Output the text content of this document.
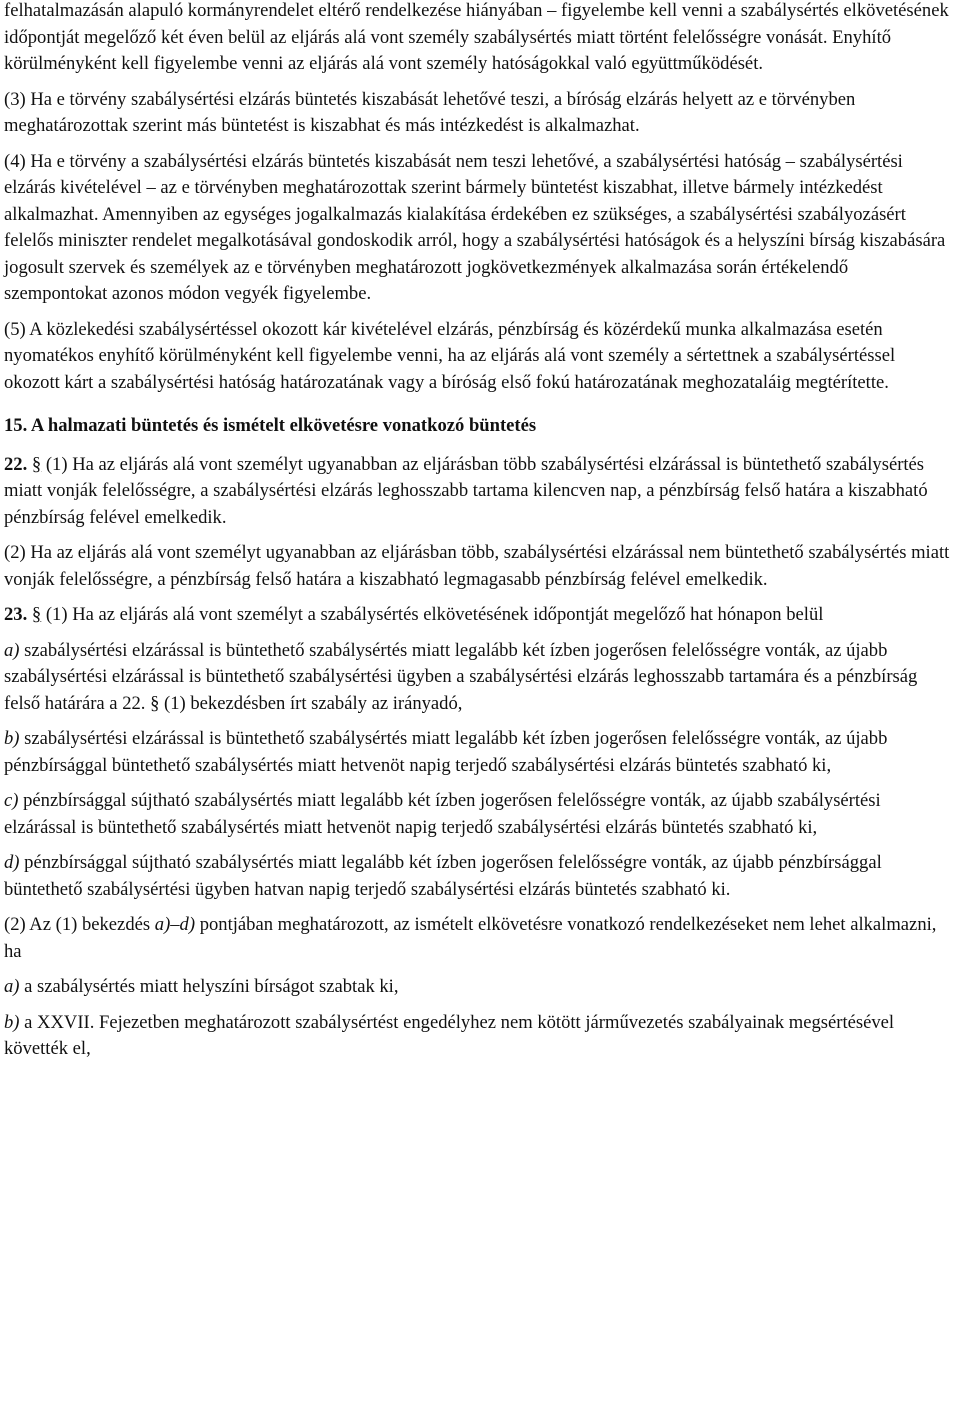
felhatalmazásán alapuló kormányrendelet eltérő rendelkezése hiányában – figyelembe kell venni a szabálysértés elkövetésének időpontját megelőző két éven belül az eljárás alá vont személy szabálysértés miatt történt felelősségre vonását. Enyhítő körülményként kell figyelembe venni az eljárás alá vont személy hatóságokkal való együttműködését.

(3) Ha e törvény szabálysértési elzárás büntetés kiszabását lehetővé teszi, a bíróság elzárás helyett az e törvényben meghatározottak szerint más büntetést is kiszabhat és más intézkedést is alkalmazhat.

(4) Ha e törvény a szabálysértési elzárás büntetés kiszabását nem teszi lehetővé, a szabálysértési hatóság – szabálysértési elzárás kivételével – az e törvényben meghatározottak szerint bármely büntetést kiszabhat, illetve bármely intézkedést alkalmazhat. Amennyiben az egységes jogalkalmazás kialakítása érdekében ez szükséges, a szabálysértési szabályozásért felelős miniszter rendelet megalkotásával gondoskodik arról, hogy a szabálysértési hatóságok és a helyszíni bírság kiszabására jogosult szervek és személyek az e törvényben meghatározott jogkövetkezmények alkalmazása során értékelendő szempontokat azonos módon vegyék figyelembe.

(5) A közlekedési szabálysértéssel okozott kár kivételével elzárás, pénzbírság és közérdekű munka alkalmazása esetén nyomatékos enyhítő körülményként kell figyelembe venni, ha az eljárás alá vont személy a sértettnek a szabálysértéssel okozott kárt a szabálysértési hatóság határozatának vagy a bíróság első fokú határozatának meghozataláig megtérítette.

15. A halmazati büntetés és ismételt elkövetésre vonatkozó büntetés

22. § (1) Ha az eljárás alá vont személyt ugyanabban az eljárásban több szabálysértési elzárással is büntethető szabálysértés miatt vonják felelősségre, a szabálysértési elzárás leghosszabb tartama kilencven nap, a pénzbírság felső határa a kiszabható pénzbírság felével emelkedik.

(2) Ha az eljárás alá vont személyt ugyanabban az eljárásban több, szabálysértési elzárással nem büntethető szabálysértés miatt vonják felelősségre, a pénzbírság felső határa a kiszabható legmagasabb pénzbírság felével emelkedik.

23. § (1) Ha az eljárás alá vont személyt a szabálysértés elkövetésének időpontját megelőző hat hónapon belül

a) szabálysértési elzárással is büntethető szabálysértés miatt legalább két ízben jogerősen felelősségre vonták, az újabb szabálysértési elzárással is büntethető szabálysértési ügyben a szabálysértési elzárás leghosszabb tartamára és a pénzbírság felső határára a 22. § (1) bekezdésben írt szabály az irányadó,

b) szabálysértési elzárással is büntethető szabálysértés miatt legalább két ízben jogerősen felelősségre vonták, az újabb pénzbírsággal büntethető szabálysértés miatt hetvenöt napig terjedő szabálysértési elzárás büntetés szabható ki,

c) pénzbírsággal sújtható szabálysértés miatt legalább két ízben jogerősen felelősségre vonták, az újabb szabálysértési elzárással is büntethető szabálysértés miatt hetvenöt napig terjedő szabálysértési elzárás büntetés szabható ki,

d) pénzbírsággal sújtható szabálysértés miatt legalább két ízben jogerősen felelősségre vonták, az újabb pénzbírsággal büntethető szabálysértési ügyben hatvan napig terjedő szabálysértési elzárás büntetés szabható ki.

(2) Az (1) bekezdés a)–d) pontjában meghatározott, az ismételt elkövetésre vonatkozó rendelkezéseket nem lehet alkalmazni, ha

a) a szabálysértés miatt helyszíni bírságot szabtak ki,

b) a XXVII. Fejezetben meghatározott szabálysértést engedélyhez nem kötött járművezetés szabályainak megsértésével követték el,
